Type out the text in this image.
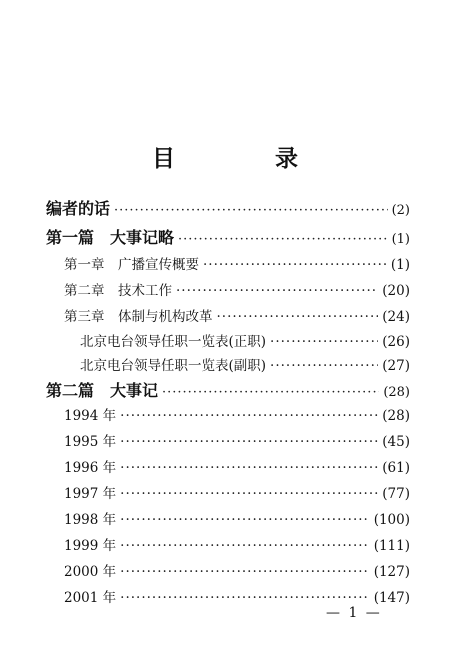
目 录
编者的话 ·····	(2)
第一篇　大事记略 ·····	(1)
第一章　广播宣传概要 ·····	(1)
第二章　技术工作 ·····	(20)
第三章　体制与机构改革 ·····	(24)
北京电台领导任职一览表(正职) ·····	(26)
北京电台领导任职一览表(副职) ·····	(27)
第二篇　大事记 ·····	(28)
1994 年 ·····	(28)
1995 年 ·····	(45)
1996 年 ·····	(61)
1997 年 ·····	(77)
1998 年 ·····	(100)
1999 年 ·····	(111)
2000 年 ·····	(127)
2001 年 ·····	(147)
— 1 —
